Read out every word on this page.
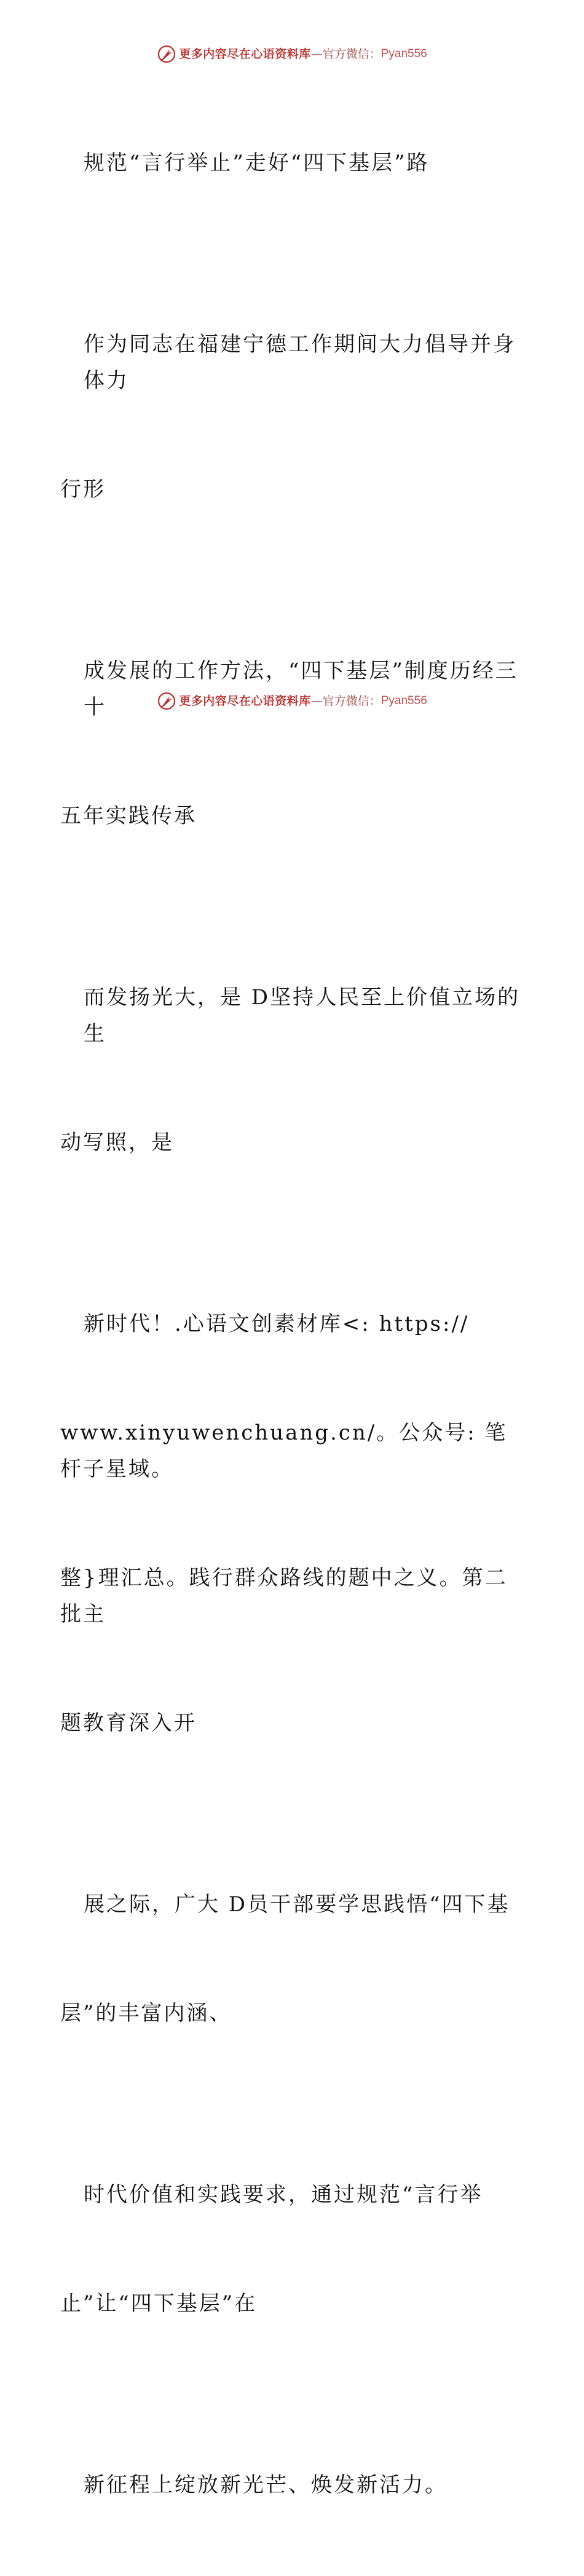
更多内容尽在心语资料库 — 官方微信： Pyan556

规范“言行举止”走好“四下基层”路

作为同志在福建宁德工作期间大力倡导并身体力

行形

成发展的工作方法，“四下基层”制度历经三十

五年实践传承

而发扬光大，是 D坚持人民至上价值立场的生

动写照，是

新时代！.心语文创素材库<: https://

www.xinyuwenchuang.cn/。公众号: 笔杆子星域。

整}理汇总。践行群众路线的题中之义。第二批主

题教育深入开

展之际，广大 D员干部要学思践悟“四下基

层”的丰富内涵、

时代价值和实践要求，通过规范“言行举

止”让“四下基层”在

新征程上绽放新光芒、焕发新活力。

更多内容尽在心语资料库 — 官方微信： Pyan556
